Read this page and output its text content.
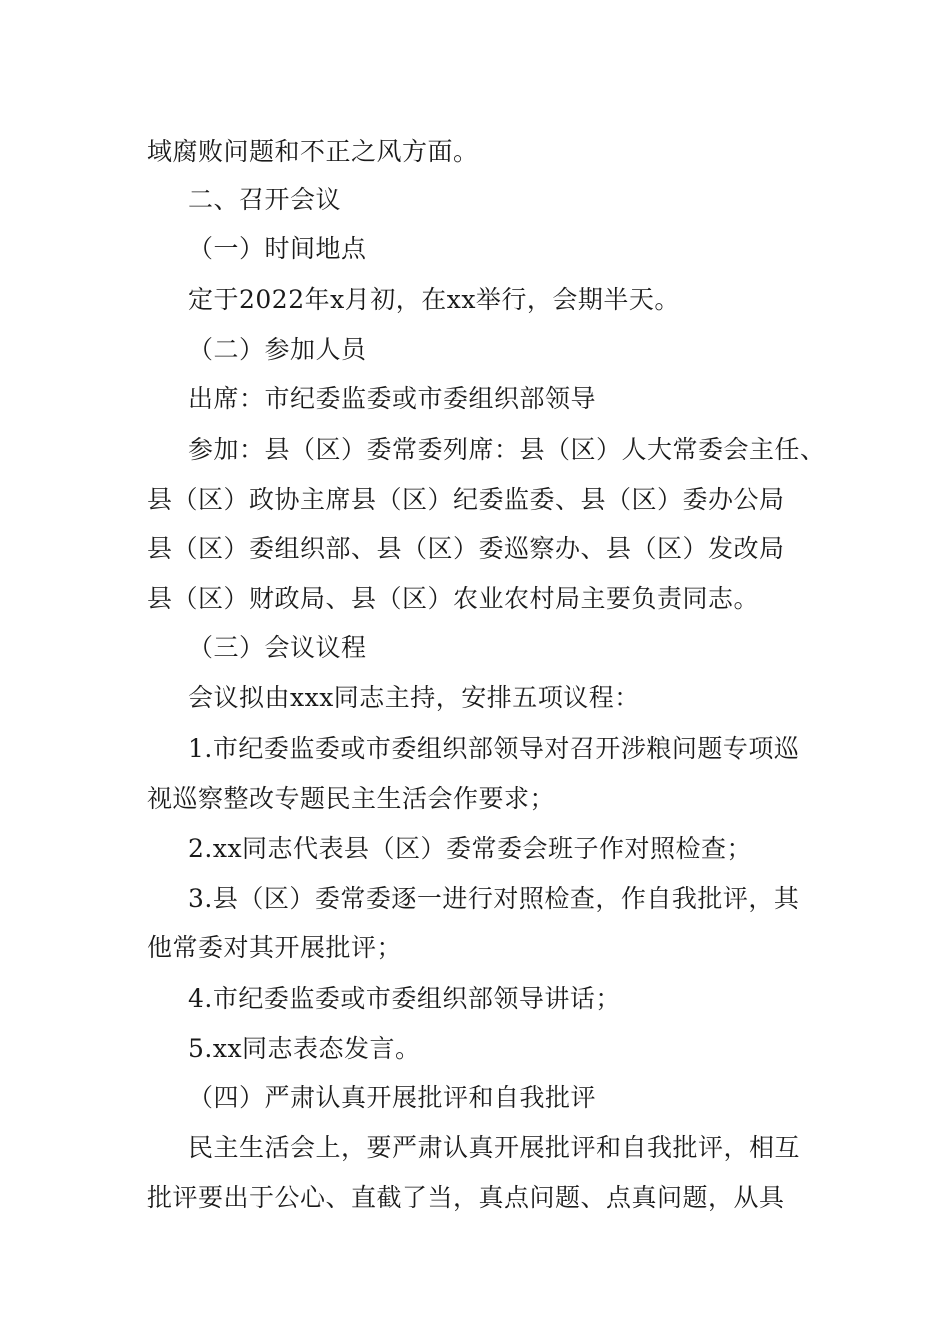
域腐败问题和不正之风方面。
二、召开会议
（一）时间地点
定于2022年x月初，在xx举行，会期半天。
（二）参加人员
出席：市纪委监委或市委组织部领导
参加：县（区）委常委列席：县（区）人大常委会主任、
县（区）政协主席县（区）纪委监委、县（区）委办公局
县（区）委组织部、县（区）委巡察办、县（区）发改局
县（区）财政局、县（区）农业农村局主要负责同志。
（三）会议议程
会议拟由xxx同志主持，安排五项议程：
1.市纪委监委或市委组织部领导对召开涉粮问题专项巡
视巡察整改专题民主生活会作要求；
2.xx同志代表县（区）委常委会班子作对照检查；
3.县（区）委常委逐一进行对照检查，作自我批评，其
他常委对其开展批评；
4.市纪委监委或市委组织部领导讲话；
5.xx同志表态发言。
（四）严肃认真开展批评和自我批评
民主生活会上，要严肃认真开展批评和自我批评，相互
批评要出于公心、直截了当，真点问题、点真问题，从具
